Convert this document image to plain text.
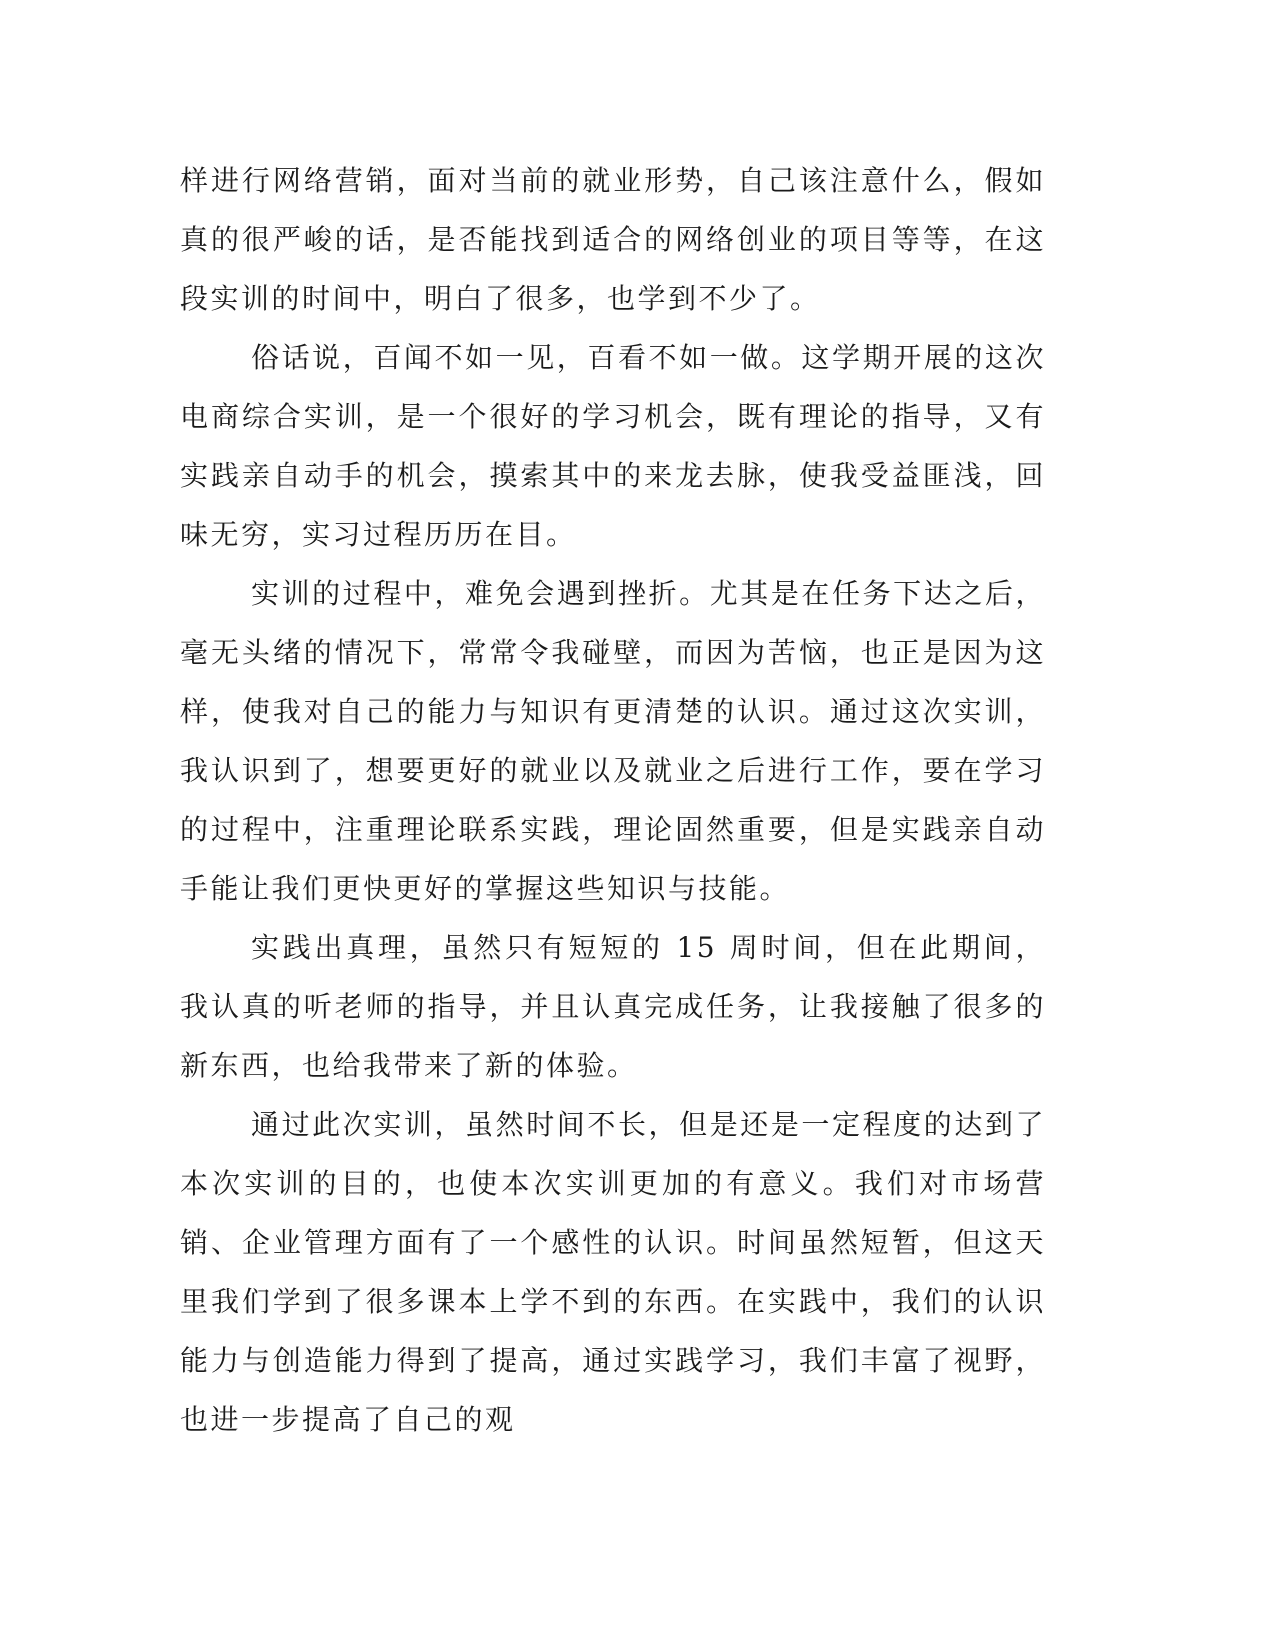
样进行网络营销，面对当前的就业形势，自己该注意什么，假如真的很严峻的话，是否能找到适合的网络创业的项目等等，在这段实训的时间中，明白了很多，也学到不少了。

俗话说，百闻不如一见，百看不如一做。这学期开展的这次电商综合实训，是一个很好的学习机会，既有理论的指导，又有实践亲自动手的机会，摸索其中的来龙去脉，使我受益匪浅，回味无穷，实习过程历历在目。

实训的过程中，难免会遇到挫折。尤其是在任务下达之后，毫无头绪的情况下，常常令我碰壁，而因为苦恼，也正是因为这样，使我对自己的能力与知识有更清楚的认识。通过这次实训，我认识到了，想要更好的就业以及就业之后进行工作，要在学习的过程中，注重理论联系实践，理论固然重要，但是实践亲自动手能让我们更快更好的掌握这些知识与技能。

实践出真理，虽然只有短短的 15 周时间，但在此期间，我认真的听老师的指导，并且认真完成任务，让我接触了很多的新东西，也给我带来了新的体验。

通过此次实训，虽然时间不长，但是还是一定程度的达到了本次实训的目的，也使本次实训更加的有意义。我们对市场营销、企业管理方面有了一个感性的认识。时间虽然短暂，但这天里我们学到了很多课本上学不到的东西。在实践中，我们的认识能力与创造能力得到了提高，通过实践学习，我们丰富了视野，也进一步提高了自己的观
